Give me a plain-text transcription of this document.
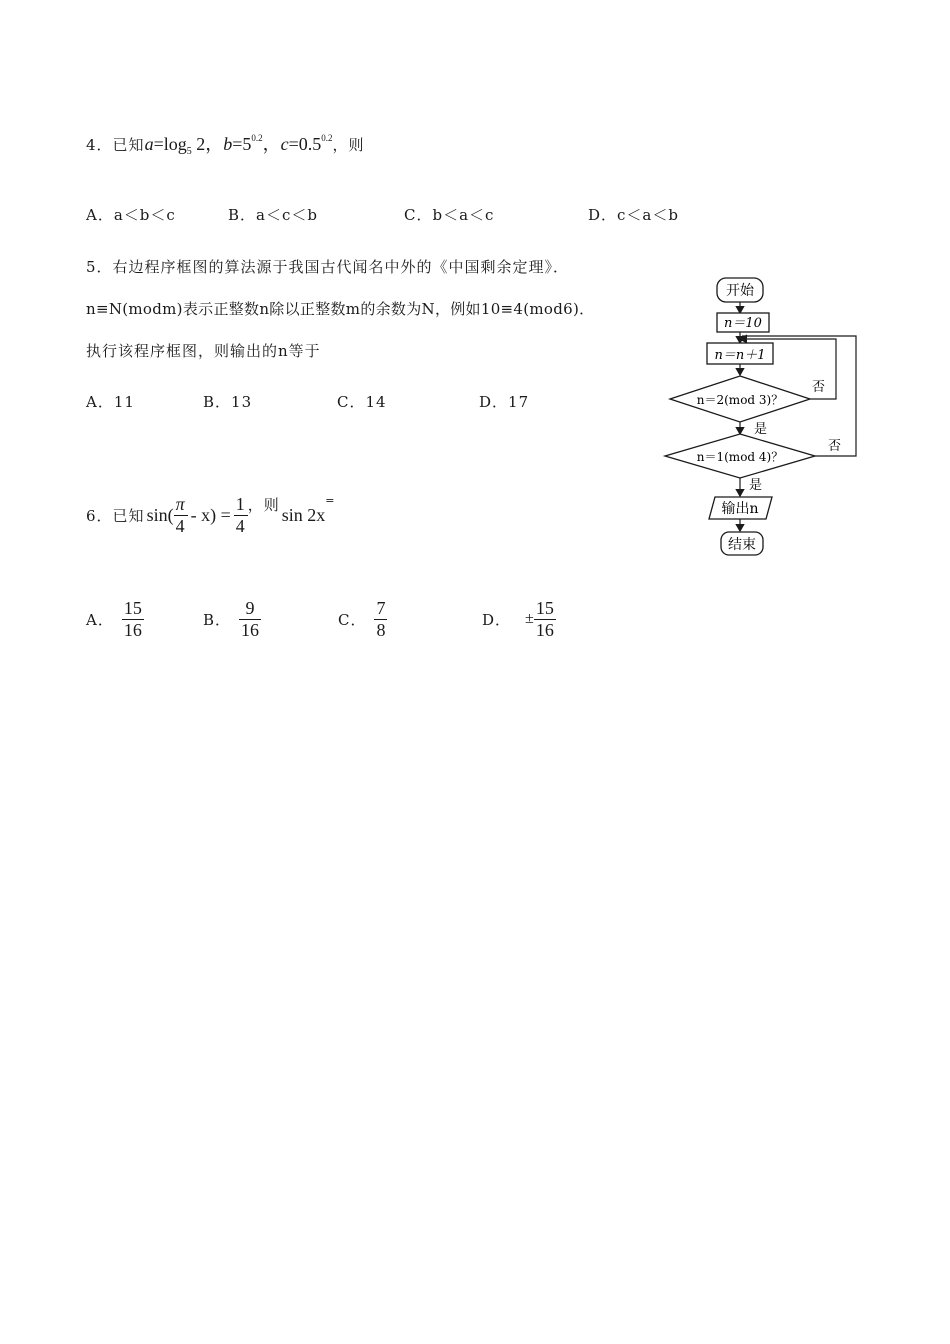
4．已知$a=\log_5$ 2，$b=5^{0.2}$，$c=0.5^{0.2}$，则
A．a＜b＜c	B．a＜c＜b	C．b＜a＜c	D．c＜a＜b
5．右边程序框图的算法源于我国古代闻名中外的《中国剩余定理》．
n≡N(modm)表示正整数n除以正整数m的余数为N，例如10≡4(mod6)．
执行该程序框图，则输出的n等于
A．11	B．13	C．14	D．17
开始
n＝10
n＝n＋1
n＝2(mod 3)？
否
是
n＝1(mod 4)？
否
是
输出n
结束
6． 已知 $\sin( \frac{\pi}{4} - x) = \frac{1}{4}$ ，则 sin 2x
=
A． $\frac{15}{16}$	B． $\frac{9}{16}$	C． $\frac{7}{8}$	D． ± $\frac{15}{16}$
